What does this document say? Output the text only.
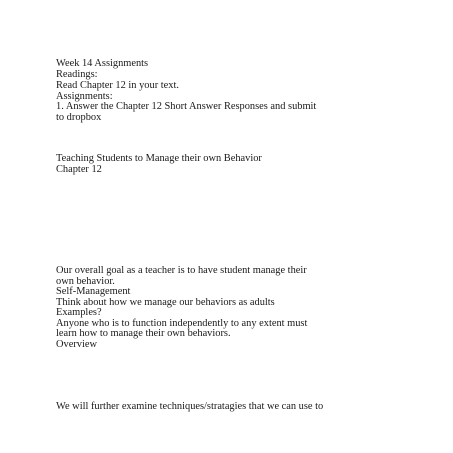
Week 14 Assignments

Readings:

Read Chapter 12 in your text.

Assignments:

1. Answer the Chapter 12 Short Answer Responses and submit

to dropbox

Teaching Students to Manage their own Behavior

Chapter 12

Our overall goal as a teacher is to have student manage their

own behavior.

Self-Management

Think about how we manage our behaviors as adults

Examples?

Anyone who is to function independently to any extent must

learn how to manage their own behaviors.

Overview

We will further examine techniques/stratagies that we can use to
